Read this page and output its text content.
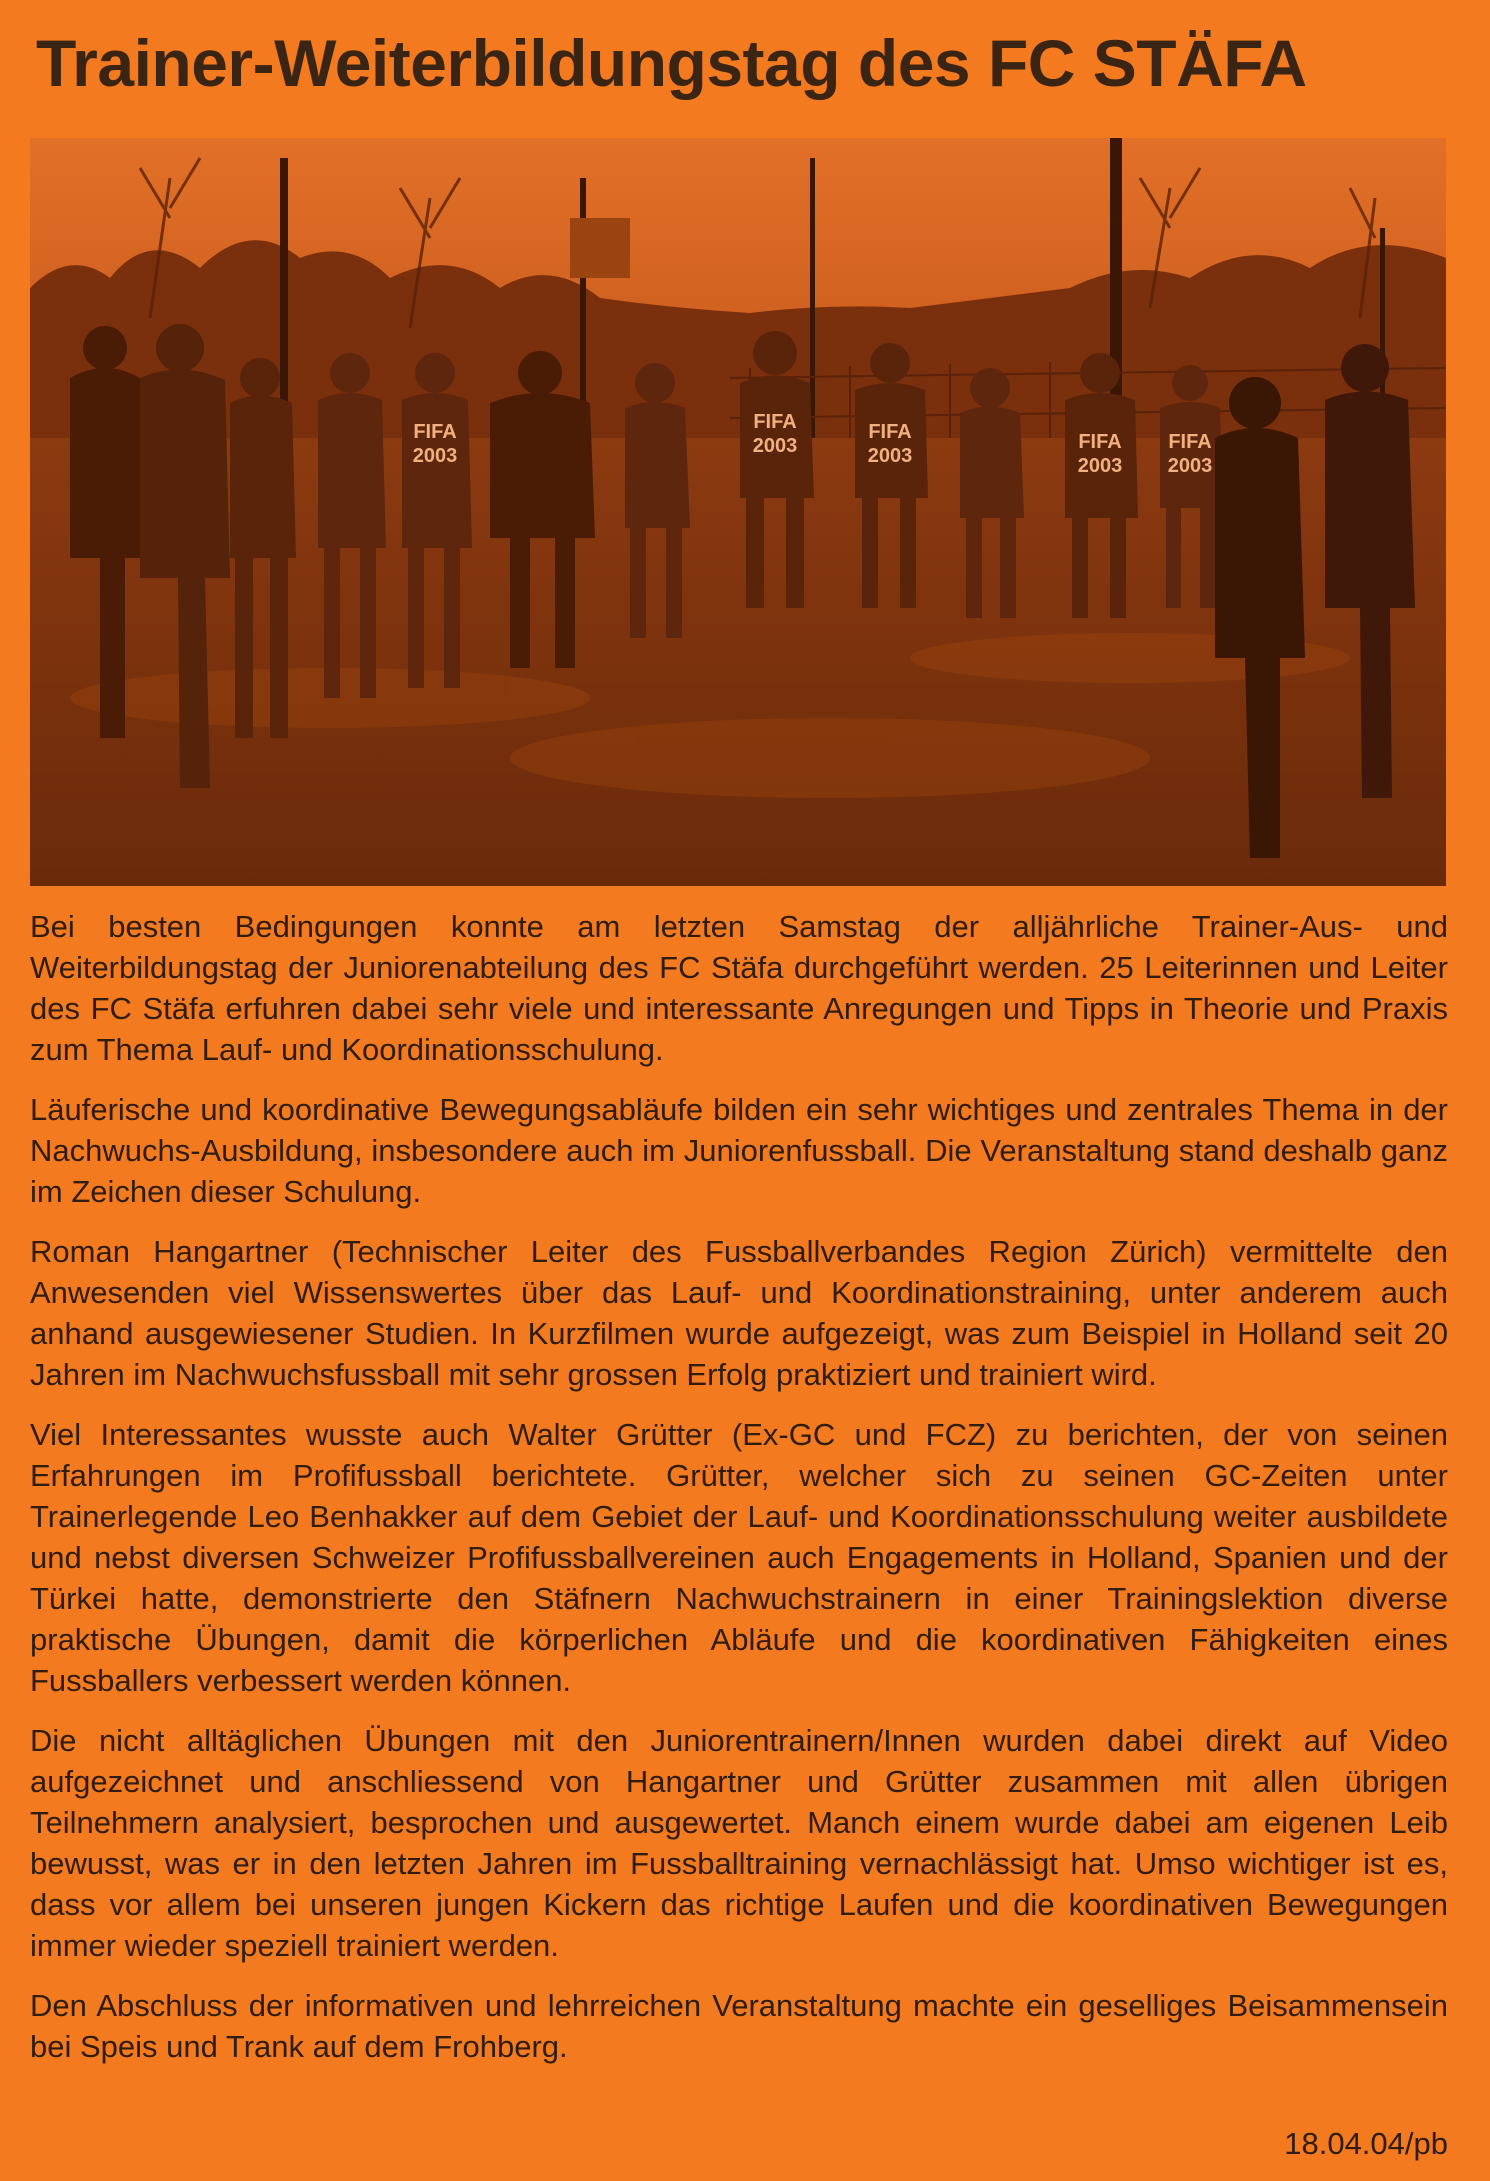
Trainer-Weiterbildungstag des FC STÄFA
FIFA
2003
FIFA
2003
FIFA
2003
FIFA
2003
FIFA
2003

Bei besten Bedingungen konnte am letzten Samstag der alljährliche Trainer-Aus- und Weiterbildungstag der Juniorenabteilung des FC Stäfa durchgeführt werden. 25 Leiterinnen und Leiter des FC Stäfa erfuhren dabei sehr viele und interessante Anregungen und Tipps in Theorie und Praxis zum Thema Lauf- und Koordinationsschulung.

Läuferische und koordinative Bewegungsabläufe bilden ein sehr wichtiges und zentrales Thema in der Nachwuchs-Ausbildung, insbesondere auch im Juniorenfussball. Die Veranstaltung stand deshalb ganz im Zeichen dieser Schulung.

Roman Hangartner (Technischer Leiter des Fussballverbandes Region Zürich) vermittelte den Anwesenden viel Wissenswertes über das Lauf- und Koordinationstraining, unter anderem auch anhand ausgewiesener Studien. In Kurzfilmen wurde aufgezeigt, was zum Beispiel in Holland seit 20 Jahren im Nachwuchsfussball mit sehr grossen Erfolg praktiziert und trainiert wird.

Viel Interessantes wusste auch Walter Grütter (Ex-GC und FCZ) zu berichten, der von seinen Erfahrungen im Profifussball berichtete. Grütter, welcher sich zu seinen GC-Zeiten unter Trainerlegende Leo Benhakker auf dem Gebiet der Lauf- und Koordinationsschulung weiter ausbildete und nebst diversen Schweizer Profifussballvereinen auch Engagements in Holland, Spanien und der Türkei hatte, demonstrierte den Stäfnern Nachwuchstrainern in einer Trainingslektion diverse praktische Übungen, damit die körperlichen Abläufe und die koordinativen Fähigkeiten eines Fussballers verbessert werden können.

Die nicht alltäglichen Übungen mit den Juniorentrainern/Innen wurden dabei direkt auf Video aufgezeichnet und anschliessend von Hangartner und Grütter zusammen mit allen übrigen Teilnehmern analysiert, besprochen und ausgewertet. Manch einem wurde dabei am eigenen Leib bewusst, was er in den letzten Jahren im Fussballtraining vernachlässigt hat. Umso wichtiger ist es, dass vor allem bei unseren jungen Kickern das richtige Laufen und die koordinativen Bewegungen immer wieder speziell trainiert werden.

Den Abschluss der informativen und lehrreichen Veranstaltung machte ein geselliges Beisammensein bei Speis und Trank auf dem Frohberg.

18.04.04/pb
